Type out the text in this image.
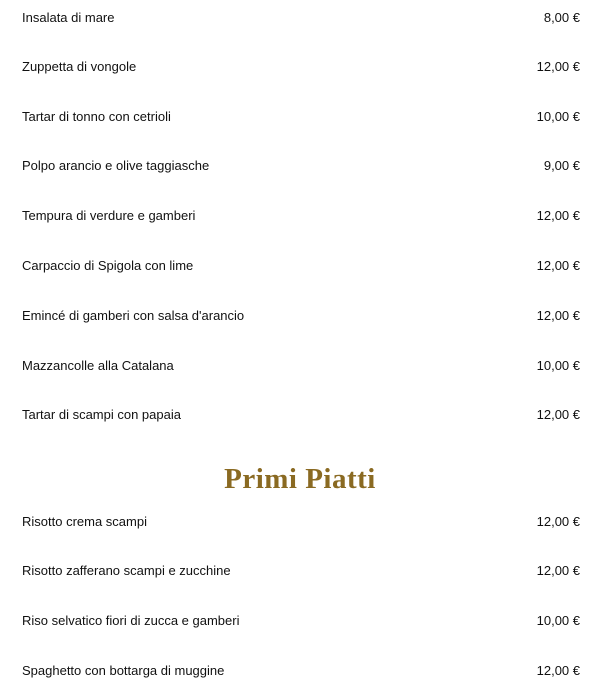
Insalata di mare	8,00 €
Zuppetta di vongole	12,00 €
Tartar di tonno con cetrioli	10,00 €
Polpo arancio e olive taggiasche	9,00 €
Tempura di verdure e gamberi	12,00 €
Carpaccio di Spigola con lime	12,00 €
Emincé di gamberi con salsa d'arancio	12,00 €
Mazzancolle alla Catalana	10,00 €
Tartar di scampi con papaia	12,00 €
Primi Piatti
Risotto crema scampi	12,00 €
Risotto zafferano scampi e zucchine	12,00 €
Riso selvatico fiori di zucca e gamberi	10,00 €
Spaghetto con bottarga di muggine	12,00 €
